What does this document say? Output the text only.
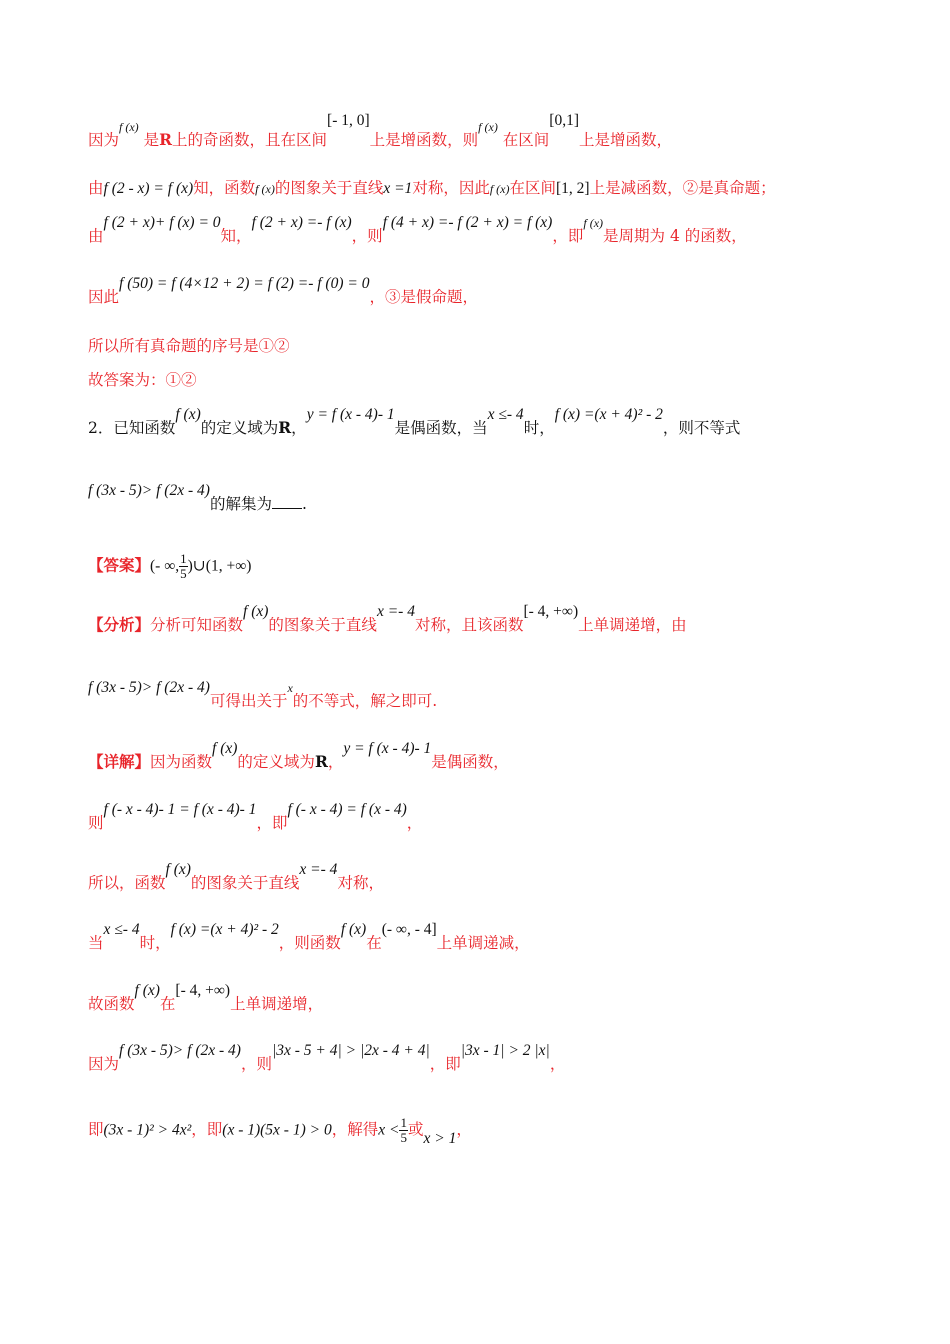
因为$^{f (x)}$ 是R上的奇函数，且在区间[- 1, 0]上是增函数，则$^{f (x)}$ 在区间[0,1]上是增函数，
由f (2 - x) = f (x)知，函数f (x)的图象关于直线x =1对称，因此f (x)在区间[1, 2]上是减函数，②是真命题；
由f (2 + x)+ f (x) = 0知，f (2 + x) =- f (x)，则f (4 + x) =- f (2 + x) = f (x)，即$^{f (x)}$是周期为 4 的函数，
因此f (50) = f (4×12 + 2) = f (2) =- f (0) = 0，③是假命题，
所以所有真命题的序号是①②
故答案为：①②
2．已知函数f (x)的定义域为R，y = f (x - 4)- 1是偶函数，当x ≤- 4时，f (x) =(x + 4)² - 2，则不等式
f (3x - 5)> f (2x - 4)的解集为 .
【答案】(- ∞, $\frac{1}{5}$ )∪(1, +∞)
【分析】分析可知函数f (x)的图象关于直线x =- 4对称，且该函数[- 4, +∞)上单调递增，由
f (3x - 5)> f (2x - 4)可得出关于$^x$的不等式，解之即可.
【详解】因为函数f (x)的定义域为R，y = f (x - 4)- 1是偶函数，
则f (- x - 4)- 1 = f (x - 4)- 1，即f (- x - 4) = f (x - 4)，
所以，函数f (x)的图象关于直线x =- 4对称，
当x ≤- 4时，f (x) =(x + 4)² - 2，则函数f (x)在(- ∞, - 4]上单调递减，
故函数f (x)在[- 4, +∞)上单调递增，
因为f (3x - 5)> f (2x - 4)，则|3x - 5 + 4| > |2x - 4 + 4|，即|3x - 1| > 2 |x|，
即(3x - 1)² > 4x²，即(x - 1)(5x - 1) > 0，解得$x < \frac{1}{5}$ 或x > 1，
